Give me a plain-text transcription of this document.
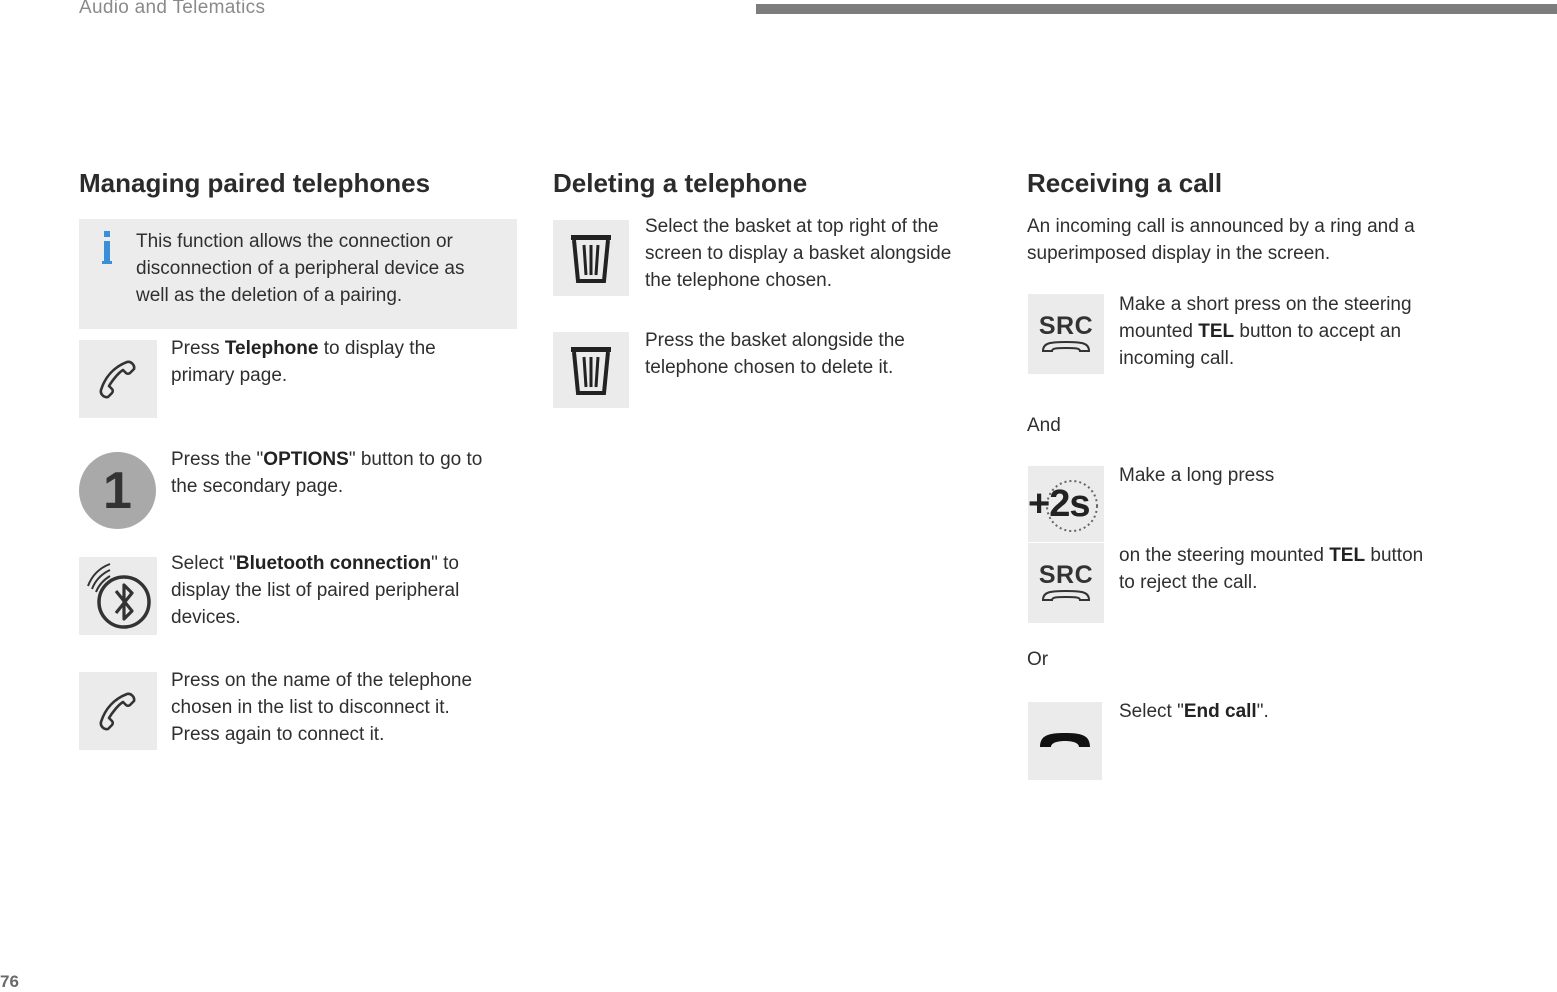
Audio and Telematics
76
Managing paired telephones
This function allows the connection or
disconnection of a peripheral device as
well as the deletion of a pairing.
Press Telephone to display the
primary page.
1
Press the "OPTIONS" button to go to
the secondary page.
Select "Bluetooth connection" to
display the list of paired peripheral
devices.
Press on the name of the telephone
chosen in the list to disconnect it.
Press again to connect it.
Deleting a telephone
Select the basket at top right of the
screen to display a basket alongside
the telephone chosen.
Press the basket alongside the
telephone chosen to delete it.
Receiving a call
An incoming call is announced by a ring and a
superimposed display in the screen.
SRC
Make a short press on the steering
mounted TEL button to accept an
incoming call.
And
+2s
Make a long press
SRC
on the steering mounted TEL button
to reject the call.
Or
Select "End call".
